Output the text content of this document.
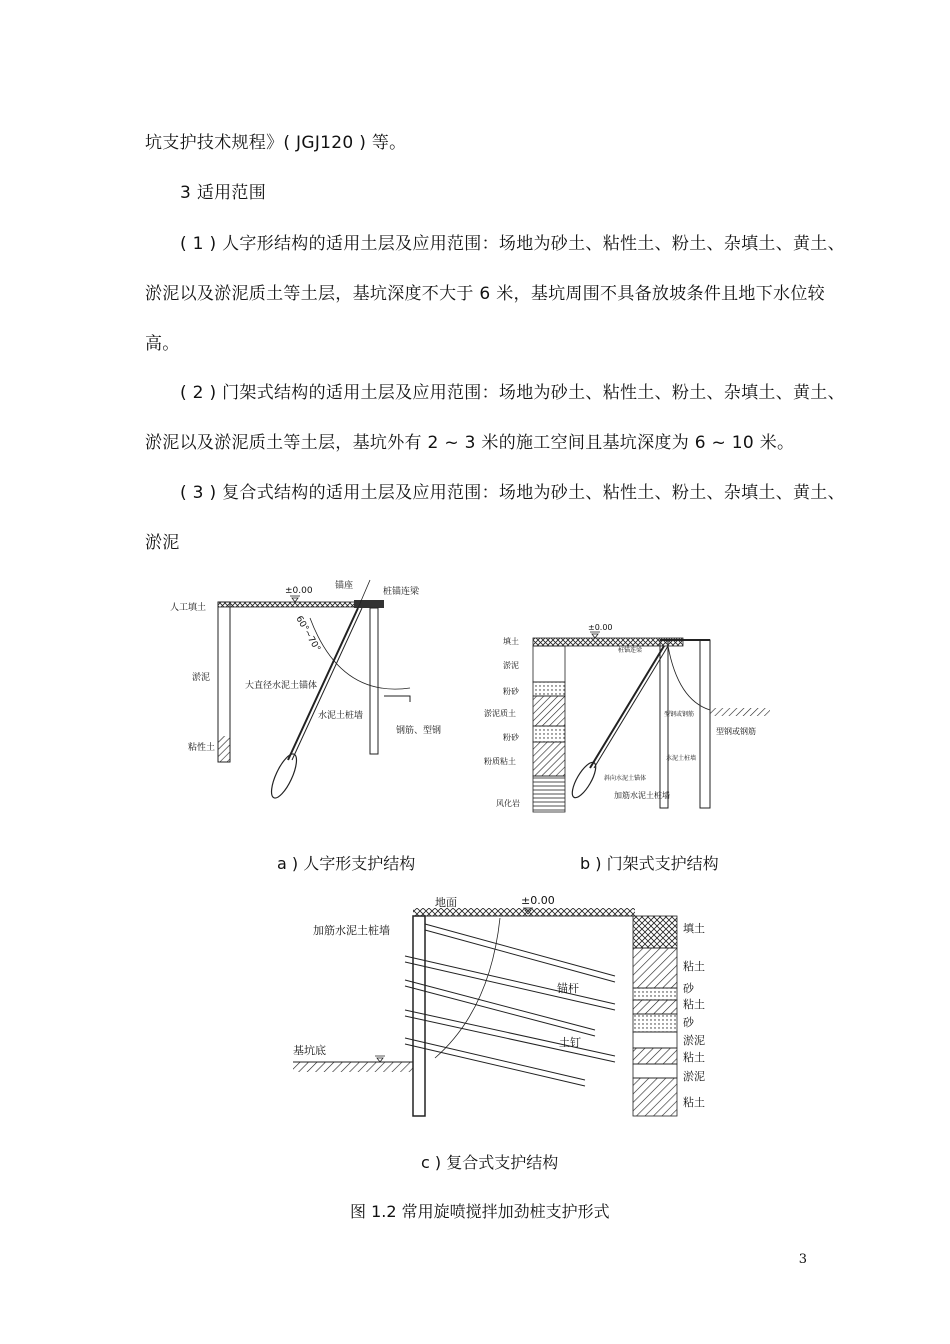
坑支护技术规程》( JGJ120 ) 等。
3 适用范围
( 1 ) 人字形结构的适用土层及应用范围：场地为砂土、粘性土、粉土、杂填土、黄土、
淤泥以及淤泥质土等土层，基坑深度不大于 6 米，基坑周围不具备放坡条件且地下水位较
高。
( 2 ) 门架式结构的适用土层及应用范围：场地为砂土、粘性土、粉土、杂填土、黄土、
淤泥以及淤泥质土等土层，基坑外有 2 ~ 3 米的施工空间且基坑深度为 6 ~ 10 米。
( 3 ) 复合式结构的适用土层及应用范围：场地为砂土、粘性土、粉土、杂填土、黄土、
淤泥
±0.00 锚座
桩锚连梁
人工填土
60°~70°
淤泥
大直径水泥土锚体
水泥土桩墙
粘性土
钢筋、型钢
±0.00
填土
淤泥
粉砂
淤泥质土
粉砂
粉质粘土
风化岩
桩锚连梁
型钢或钢筋
型钢或钢筋
水泥土桩墙
斜向水泥土锚体
加筋水泥土桩墙
a ) 人字形支护结构	b ) 门架式支护结构
地面	±0.00
加筋水泥土桩墙
锚杆
土钉
基坑底
填土
粘土
砂
粘土
砂
淤泥
粘土
淤泥
粘土
c ) 复合式支护结构
图 1.2 常用旋喷搅拌加劲桩支护形式
3
